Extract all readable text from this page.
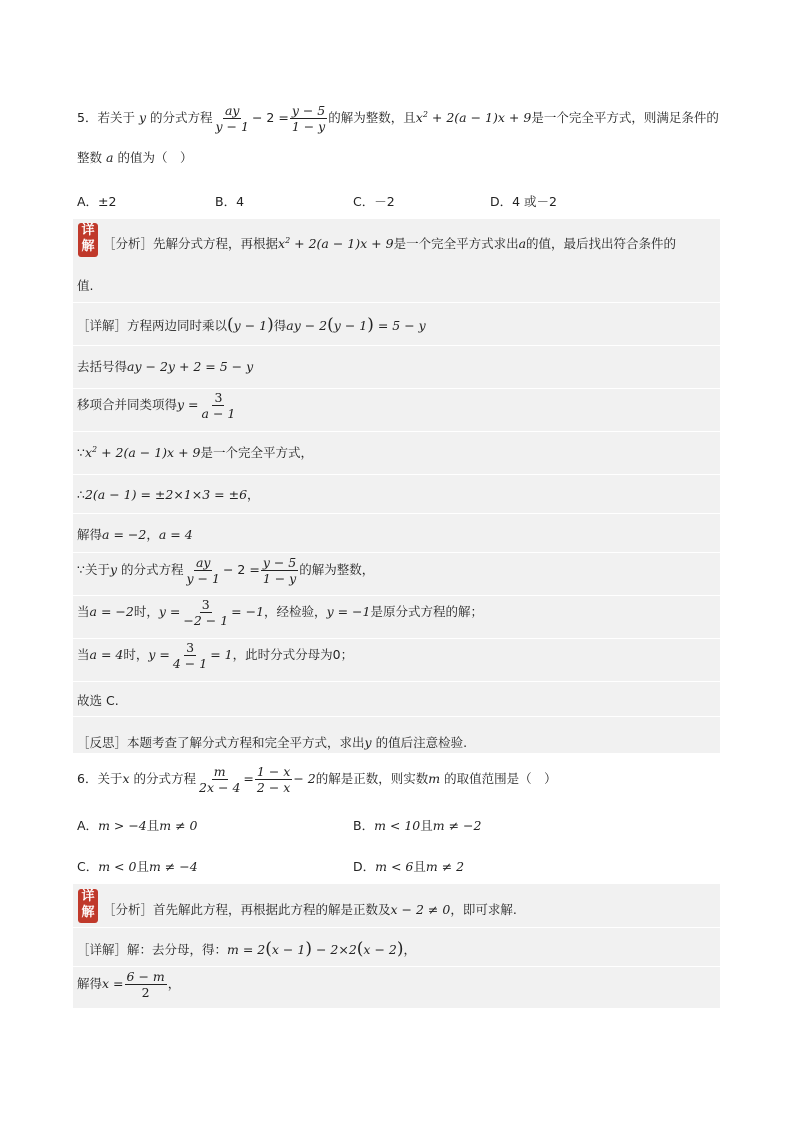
5．若关于 y 的分式方程 $\frac{ay}{y - 1} - 2 = \frac{y - 5}{1 - y}$ 的解为整数，且$x^2 + 2(a - 1)x + 9$是一个完全平方式，则满足条件的
整数 a 的值为（　）
A．±2	B．4	C．－2	D．4 或－2
详解 ［分析］先解分式方程，再根据$x^2 + 2(a - 1)x + 9$是一个完全平方式求出a的值，最后找出符合条件的
值.
［详解］方程两边同时乘以(y − 1)得ay − 2(y − 1) = 5 − y
去括号得ay − 2y + 2 = 5 − y
移项合并同类项得$y = \frac{3}{a - 1}$
$\because x^2 + 2(a - 1)x + 9$是一个完全平方式，
∴2(a − 1) = ±2×1×3 = ±6，
解得a = −2，a = 4
∵关于y 的分式方程 $\frac{ay}{y - 1} - 2 = \frac{y - 5}{1 - y}$ 的解为整数，
当a = −2时，$y = \frac{3}{-2 - 1} = -1$，经检验，y = −1是原分式方程的解；
当a = 4时，$y = \frac{3}{4 - 1} = 1$，此时分式分母为0；
故选 C.
［反思］本题考查了解分式方程和完全平方式，求出y 的值后注意检验.
6．关于x 的分式方程 $\frac{m}{2x - 4} = \frac{1 - x}{2 - x} - 2$的解是正数，则实数m 的取值范围是（　）
A．m > −4且m ≠ 0	B．m < 10且m ≠ −2
C．m < 0且m ≠ −4	D．m < 6且m ≠ 2
详解 ［分析］首先解此方程，再根据此方程的解是正数及x − 2 ≠ 0，即可求解.
［详解］解：去分母，得：m = 2(x − 1) − 2×2(x − 2)，
解得$x = \frac{6 - m}{2}$ ，
